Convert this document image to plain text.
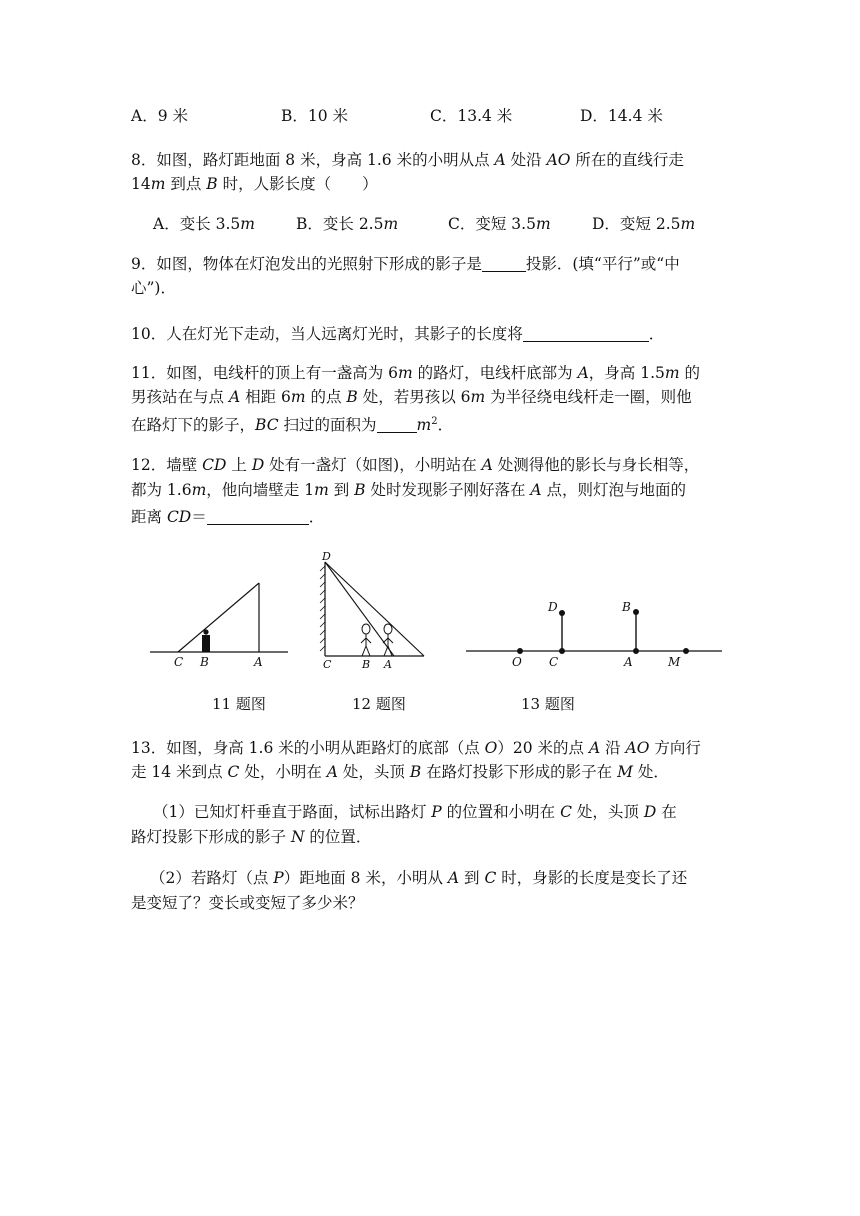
A．9 米	B．10 米	C．13.4 米	D．14.4 米
8．如图，路灯距地面 8 米，身高 1.6 米的小明从点 A 处沿 AO 所在的直线行走
14m 到点 B 时，人影长度（　　）
A．变长 3.5m	B．变长 2.5m	C．变短 3.5m	D．变短 2.5m
9．如图，物体在灯泡发出的光照射下形成的影子是	投影．(填“平行”或“中
心”)．
10．人在灯光下走动，当人远离灯光时，其影子的长度将	．
11．如图，电线杆的顶上有一盏高为 6m 的路灯，电线杆底部为 A，身高 1.5m 的
男孩站在与点 A 相距 6m 的点 B 处，若男孩以 6m 为半径绕电线杆走一圈，则他
在路灯下的影子，BC 扫过的面积为	$m^2$．
12．墙壁 CD 上 D 处有一盏灯（如图)，小明站在 A 处测得他的影长与身长相等，
都为 1.6m，他向墙壁走 1m 到 B 处时发现影子刚好落在 A 点，则灯泡与地面的
距离 CD＝	．
C B	A
D
C	B A
D	B
O C	A	M
11 题图	12 题图	13 题图
13．如图，身高 1.6 米的小明从距路灯的底部（点 O）20 米的点 A 沿 AO 方向行
走 14 米到点 C 处，小明在 A 处，头顶 B 在路灯投影下形成的影子在 M 处．
（1）已知灯杆垂直于路面，试标出路灯 P 的位置和小明在 C 处，头顶 D 在
路灯投影下形成的影子 N 的位置．
（2）若路灯（点 P）距地面 8 米，小明从 A 到 C 时，身影的长度是变长了还
是变短了？变长或变短了多少米？
